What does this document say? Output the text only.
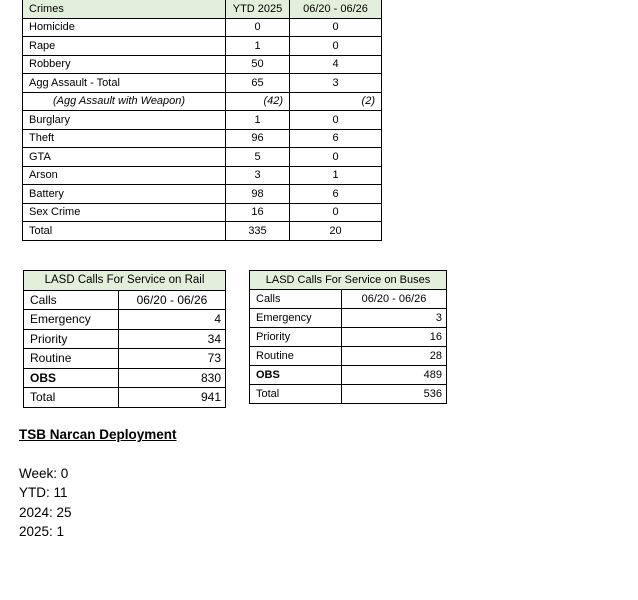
Crimes	YTD 2025	06/20 - 06/26
Homicide	0	0
Rape	1	0
Robbery	50	4
Agg Assault - Total	65	3
(Agg Assault with Weapon)	(42)	(2)
Burglary	1	0
Theft	96	6
GTA	5	0
Arson	3	1
Battery	98	6
Sex Crime	16	0
Total	335	20
LASD Calls For Service on Rail	
Calls	06/20 - 06/26
Emergency	4
Priority	34
Routine	73
OBS	830
Total	941
LASD Calls For Service on Buses	
Calls	06/20 - 06/26
Emergency	3
Priority	16
Routine	28
OBS	489
Total	536
TSB Narcan Deployment
Week: 0
YTD: 11
2024: 25
2025: 1
